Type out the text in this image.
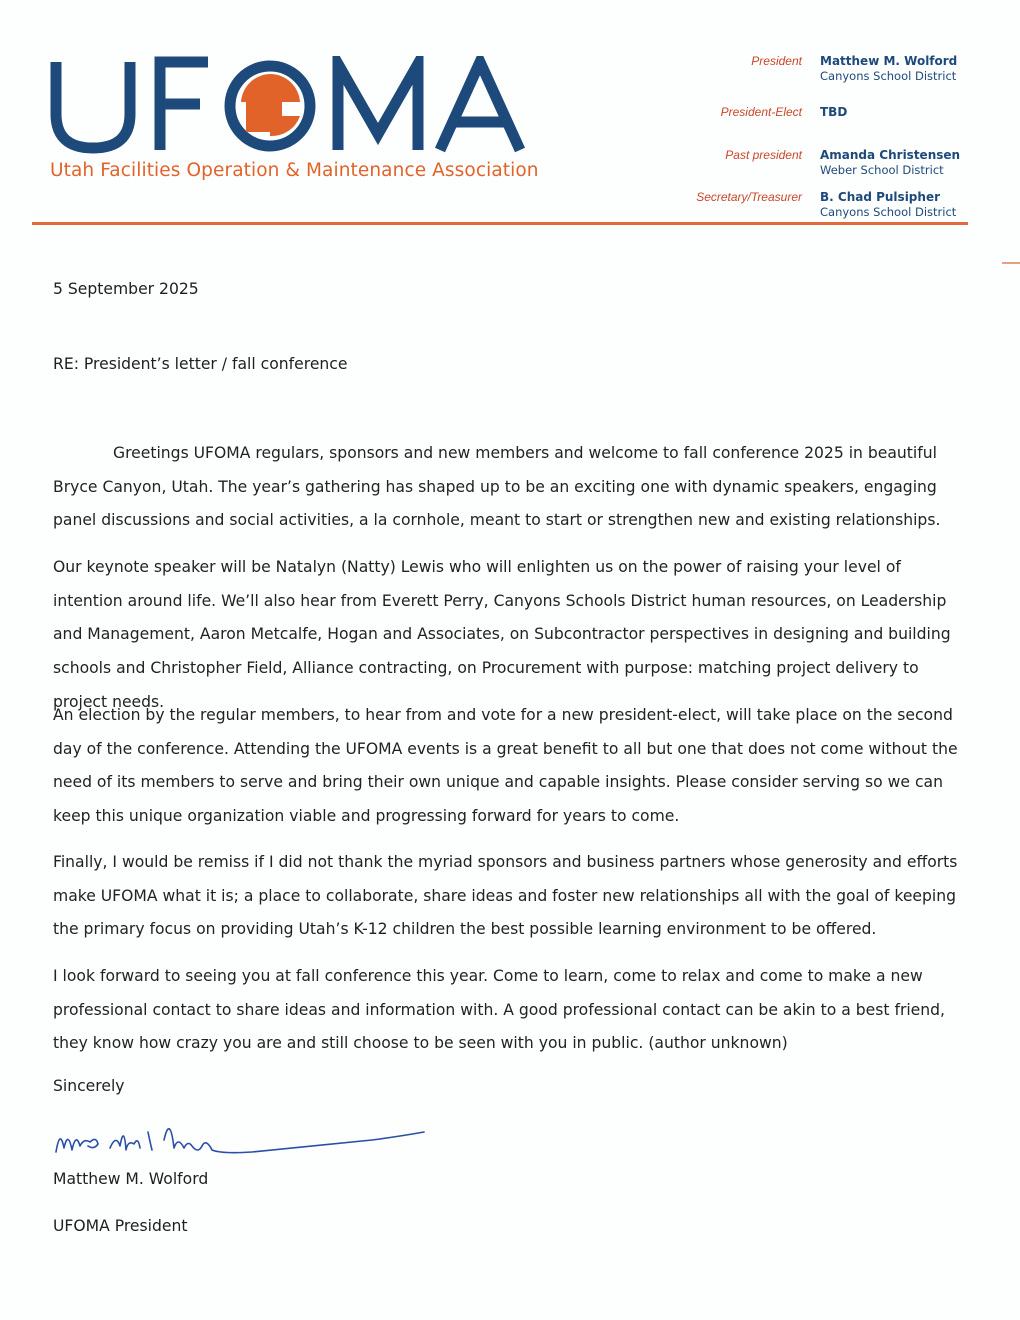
Utah Facilities Operation & Maintenance Association
President Matthew M. Wolford
Canyons School District
President-Elect TBD
Past president Amanda Christensen
Weber School District
Secretary/Treasurer B. Chad Pulsipher
Canyons School District
5 September 2025
RE: President’s letter / fall conference

Greetings UFOMA regulars, sponsors and new members and welcome to fall conference 2025 in beautiful Bryce Canyon, Utah. The year’s gathering has shaped up to be an exciting one with dynamic speakers, engaging panel discussions and social activities, a la cornhole, meant to start or strengthen new and existing relationships.

Our keynote speaker will be Natalyn (Natty) Lewis who will enlighten us on the power of raising your level of intention around life. We’ll also hear from Everett Perry, Canyons Schools District human resources, on Leadership and Management, Aaron Metcalfe, Hogan and Associates, on Subcontractor perspectives in designing and building schools and Christopher Field, Alliance contracting, on Procurement with purpose: matching project delivery to project needs.

An election by the regular members, to hear from and vote for a new president-elect, will take place on the second day of the conference. Attending the UFOMA events is a great benefit to all but one that does not come without the need of its members to serve and bring their own unique and capable insights. Please consider serving so we can keep this unique organization viable and progressing forward for years to come.

Finally, I would be remiss if I did not thank the myriad sponsors and business partners whose generosity and efforts make UFOMA what it is; a place to collaborate, share ideas and foster new relationships all with the goal of keeping the primary focus on providing Utah’s K-12 children the best possible learning environment to be offered.

I look forward to seeing you at fall conference this year. Come to learn, come to relax and come to make a new professional contact to share ideas and information with. A good professional contact can be akin to a best friend, they know how crazy you are and still choose to be seen with you in public. (author unknown)

Sincerely
Matthew M. Wolford
UFOMA President
